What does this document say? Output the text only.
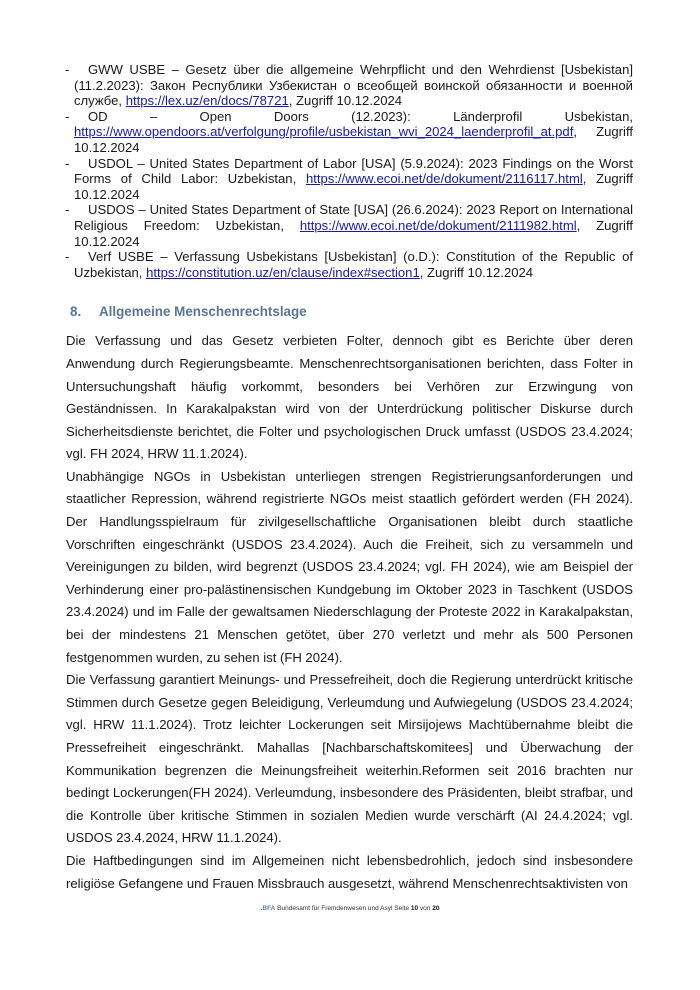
- GWW USBE – Gesetz über die allgemeine Wehrpflicht und den Wehrdienst [Usbekistan] (11.2.2023): Закон Республики Узбекистан о всеобщей воинской обязанности и военной службе, https://lex.uz/en/docs/78721, Zugriff 10.12.2024
- OD – Open Doors (12.2023): Länderprofil Usbekistan, https://www.opendoors.at/verfolgung/profile/usbekistan_wvi_2024_laenderprofil_at.pdf, Zugriff 10.12.2024
- USDOL – United States Department of Labor [USA] (5.9.2024): 2023 Findings on the Worst Forms of Child Labor: Uzbekistan, https://www.ecoi.net/de/dokument/2116117.html, Zugriff 10.12.2024
- USDOS – United States Department of State [USA] (26.6.2024): 2023 Report on International Religious Freedom: Uzbekistan, https://www.ecoi.net/de/dokument/2111982.html, Zugriff 10.12.2024
- Verf USBE – Verfassung Usbekistans [Usbekistan] (o.D.): Constitution of the Republic of Uzbekistan, https://constitution.uz/en/clause/index#section1, Zugriff 10.12.2024
8. Allgemeine Menschenrechtslage

Die Verfassung und das Gesetz verbieten Folter, dennoch gibt es Berichte über deren Anwendung durch Regierungsbeamte. Menschenrechtsorganisationen berichten, dass Folter in Untersuchungshaft häufig vorkommt, besonders bei Verhören zur Erzwingung von Geständnissen. In Karakalpakstan wird von der Unterdrückung politischer Diskurse durch Sicherheitsdienste berichtet, die Folter und psychologischen Druck umfasst (USDOS 23.4.2024; vgl. FH 2024, HRW 11.1.2024).

Unabhängige NGOs in Usbekistan unterliegen strengen Registrierungsanforderungen und staatlicher Repression, während registrierte NGOs meist staatlich gefördert werden (FH 2024). Der Handlungsspielraum für zivilgesellschaftliche Organisationen bleibt durch staatliche Vorschriften eingeschränkt (USDOS 23.4.2024). Auch die Freiheit, sich zu versammeln und Vereinigungen zu bilden, wird begrenzt (USDOS 23.4.2024; vgl. FH 2024), wie am Beispiel der Verhinderung einer pro-palästinensischen Kundgebung im Oktober 2023 in Taschkent (USDOS 23.4.2024) und im Falle der gewaltsamen Niederschlagung der Proteste 2022 in Karakalpakstan, bei der mindestens 21 Menschen getötet, über 270 verletzt und mehr als 500 Personen festgenommen wurden, zu sehen ist (FH 2024).

Die Verfassung garantiert Meinungs- und Pressefreiheit, doch die Regierung unterdrückt kritische Stimmen durch Gesetze gegen Beleidigung, Verleumdung und Aufwiegelung (USDOS 23.4.2024; vgl. HRW 11.1.2024). Trotz leichter Lockerungen seit Mirsijojews Machtübernahme bleibt die Pressefreiheit eingeschränkt. Mahallas [Nachbarschaftskomitees] und Überwachung der Kommunikation begrenzen die Meinungsfreiheit weiterhin.Reformen seit 2016 brachten nur bedingt Lockerungen(FH 2024). Verleumdung, insbesondere des Präsidenten, bleibt strafbar, und die Kontrolle über kritische Stimmen in sozialen Medien wurde verschärft (AI 24.4.2024; vgl. USDOS 23.4.2024, HRW 11.1.2024).

Die Haftbedingungen sind im Allgemeinen nicht lebensbedrohlich, jedoch sind insbesondere religiöse Gefangene und Frauen Missbrauch ausgesetzt, während Menschenrechtsaktivisten von

.BFA Bundesamt für Fremdenwesen und Asyl Seite 10 von 20
